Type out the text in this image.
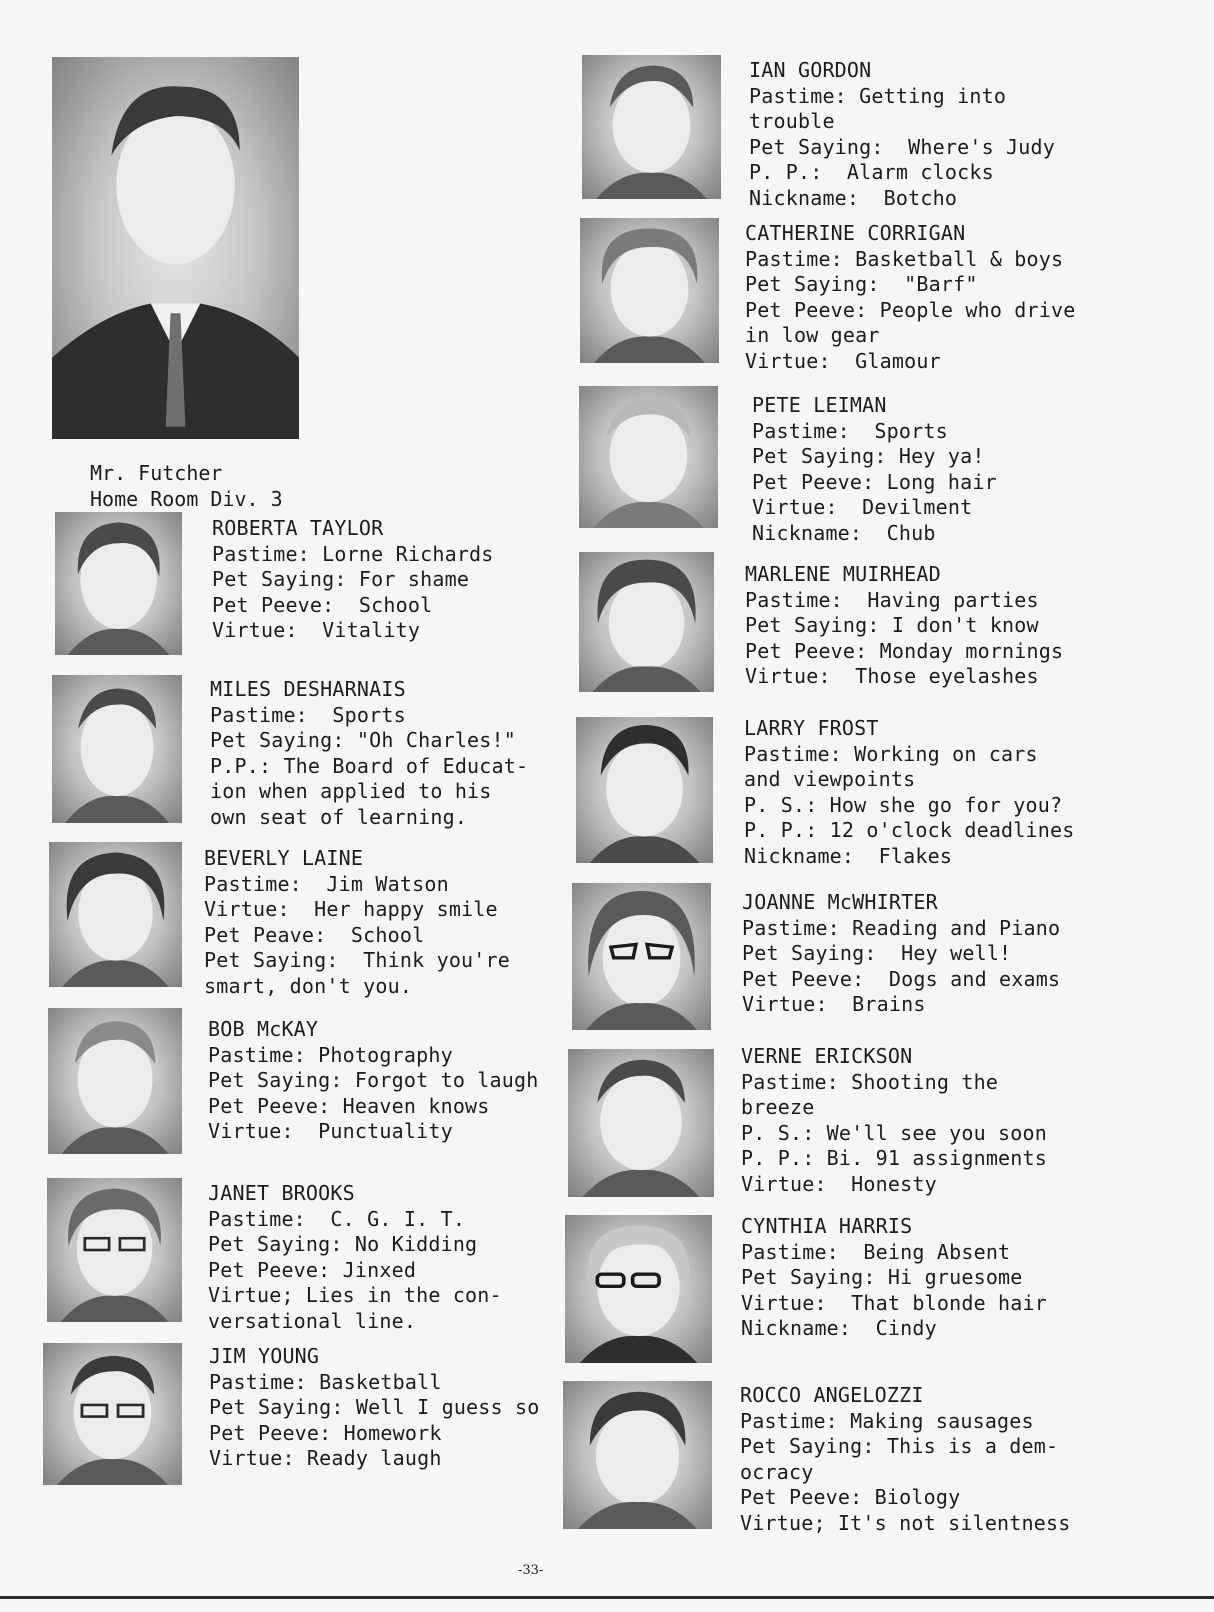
Mr. Futcher
Home Room Div. 3
ROBERTA TAYLOR
Pastime: Lorne Richards
Pet Saying: For shame
Pet Peeve:  School
Virtue:  Vitality
MILES DESHARNAIS
Pastime:  Sports
Pet Saying: "Oh Charles!"
P.P.: The Board of Educat-
ion when applied to his
own seat of learning.
BEVERLY LAINE
Pastime:  Jim Watson
Virtue:  Her happy smile
Pet Peave:  School
Pet Saying:  Think you're
smart, don't you.
BOB McKAY
Pastime: Photography
Pet Saying: Forgot to laugh
Pet Peeve: Heaven knows
Virtue:  Punctuality
JANET BROOKS
Pastime:  C. G. I. T.
Pet Saying: No Kidding
Pet Peeve: Jinxed
Virtue; Lies in the con-
versational line.
JIM YOUNG
Pastime: Basketball
Pet Saying: Well I guess so
Pet Peeve: Homework
Virtue: Ready laugh
IAN GORDON
Pastime: Getting into
trouble
Pet Saying:  Where's Judy
P. P.:  Alarm clocks
Nickname:  Botcho
CATHERINE CORRIGAN
Pastime: Basketball & boys
Pet Saying:  "Barf"
Pet Peeve: People who drive
in low gear
Virtue:  Glamour
PETE LEIMAN
Pastime:  Sports
Pet Saying: Hey ya!
Pet Peeve: Long hair
Virtue:  Devilment
Nickname:  Chub
MARLENE MUIRHEAD
Pastime:  Having parties
Pet Saying: I don't know
Pet Peeve: Monday mornings
Virtue:  Those eyelashes
LARRY FROST
Pastime: Working on cars
and viewpoints
P. S.: How she go for you?
P. P.: 12 o'clock deadlines
Nickname:  Flakes
JOANNE McWHIRTER
Pastime: Reading and Piano
Pet Saying:  Hey well!
Pet Peeve:  Dogs and exams
Virtue:  Brains
VERNE ERICKSON
Pastime: Shooting the
breeze
P. S.: We'll see you soon
P. P.: Bi. 91 assignments
Virtue:  Honesty
CYNTHIA HARRIS
Pastime:  Being Absent
Pet Saying: Hi gruesome
Virtue:  That blonde hair
Nickname:  Cindy
ROCCO ANGELOZZI
Pastime: Making sausages
Pet Saying: This is a dem-
ocracy
Pet Peeve: Biology
Virtue; It's not silentness
-33-
